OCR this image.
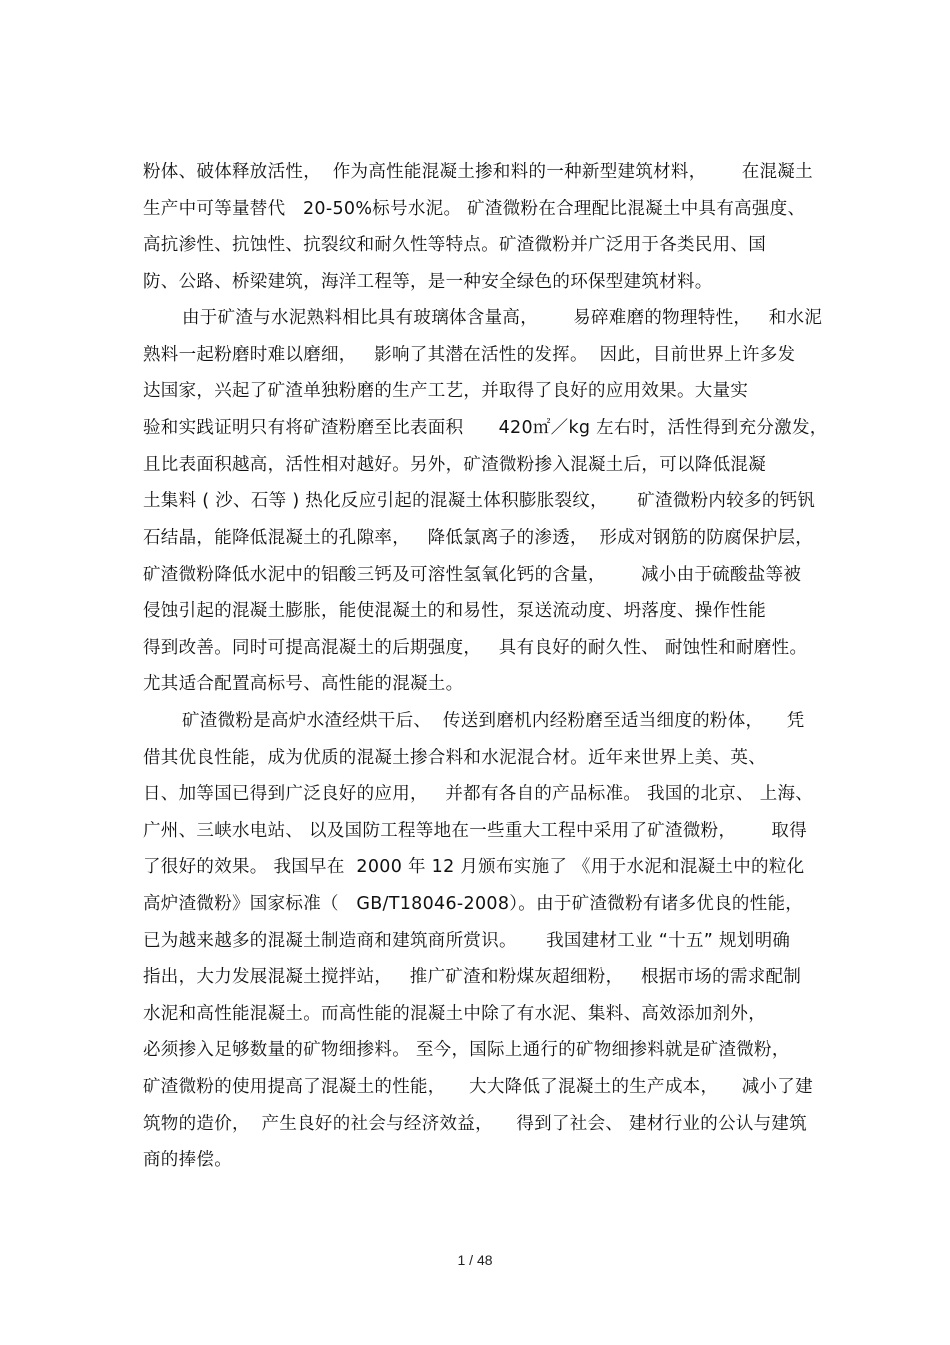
粉体、破体释放活性，  作为高性能混凝土掺和料的一种新型建筑材料，      在混凝土
生产中可等量替代   20-50%标号水泥。 矿渣微粉在合理配比混凝土中具有高强度、
高抗渗性、抗蚀性、抗裂纹和耐久性等特点。矿渣微粉并广泛用于各类民用、国
防、公路、桥梁建筑，海洋工程等，是一种安全绿色的环保型建筑材料。
由于矿渣与水泥熟料相比具有玻璃体含量高，      易碎难磨的物理特性，   和水泥
熟料一起粉磨时难以磨细，   影响了其潜在活性的发挥。  因此，目前世界上许多发
达国家，兴起了矿渣单独粉磨的生产工艺，并取得了良好的应用效果。大量实
验和实践证明只有将矿渣粉磨至比表面积      420㎡／kg 左右时，活性得到充分激发，
且比表面积越高，活性相对越好。另外，矿渣微粉掺入混凝土后，可以降低混凝
土集料 ( 沙、石等 ) 热化反应引起的混凝土体积膨胀裂纹，     矿渣微粉内较多的钙钒
石结晶，能降低混凝土的孔隙率，   降低氯离子的渗透，  形成对钢筋的防腐保护层，
矿渣微粉降低水泥中的铝酸三钙及可溶性氢氧化钙的含量，      减小由于硫酸盐等被
侵蚀引起的混凝土膨胀，能使混凝土的和易性，泵送流动度、坍落度、操作性能
得到改善。同时可提高混凝土的后期强度，   具有良好的耐久性、 耐蚀性和耐磨性。
尤其适合配置高标号、高性能的混凝土。
矿渣微粉是高炉水渣经烘干后、  传送到磨机内经粉磨至适当细度的粉体，    凭
借其优良性能，成为优质的混凝土掺合料和水泥混合材。近年来世界上美、英、
日、加等国已得到广泛良好的应用，   并都有各自的产品标准。 我国的北京、 上海、
广州、三峡水电站、 以及国防工程等地在一些重大工程中采用了矿渣微粉，      取得
了很好的效果。 我国早在  2000 年 12 月颁布实施了 《用于水泥和混凝土中的粒化
高炉渣微粉》国家标准（   GB/T18046-2008）。由于矿渣微粉有诸多优良的性能，
已为越来越多的混凝土制造商和建筑商所赏识。     我国建材工业 “十五” 规划明确
指出，大力发展混凝土搅拌站，   推广矿渣和粉煤灰超细粉，   根据市场的需求配制
水泥和高性能混凝土。而高性能的混凝土中除了有水泥、集料、高效添加剂外，
必须掺入足够数量的矿物细掺料。 至今，国际上通行的矿物细掺料就是矿渣微粉，
矿渣微粉的使用提高了混凝土的性能，    大大降低了混凝土的生产成本，    减小了建
筑物的造价，  产生良好的社会与经济效益，    得到了社会、 建材行业的公认与建筑
商的捧偿。
1 / 48
